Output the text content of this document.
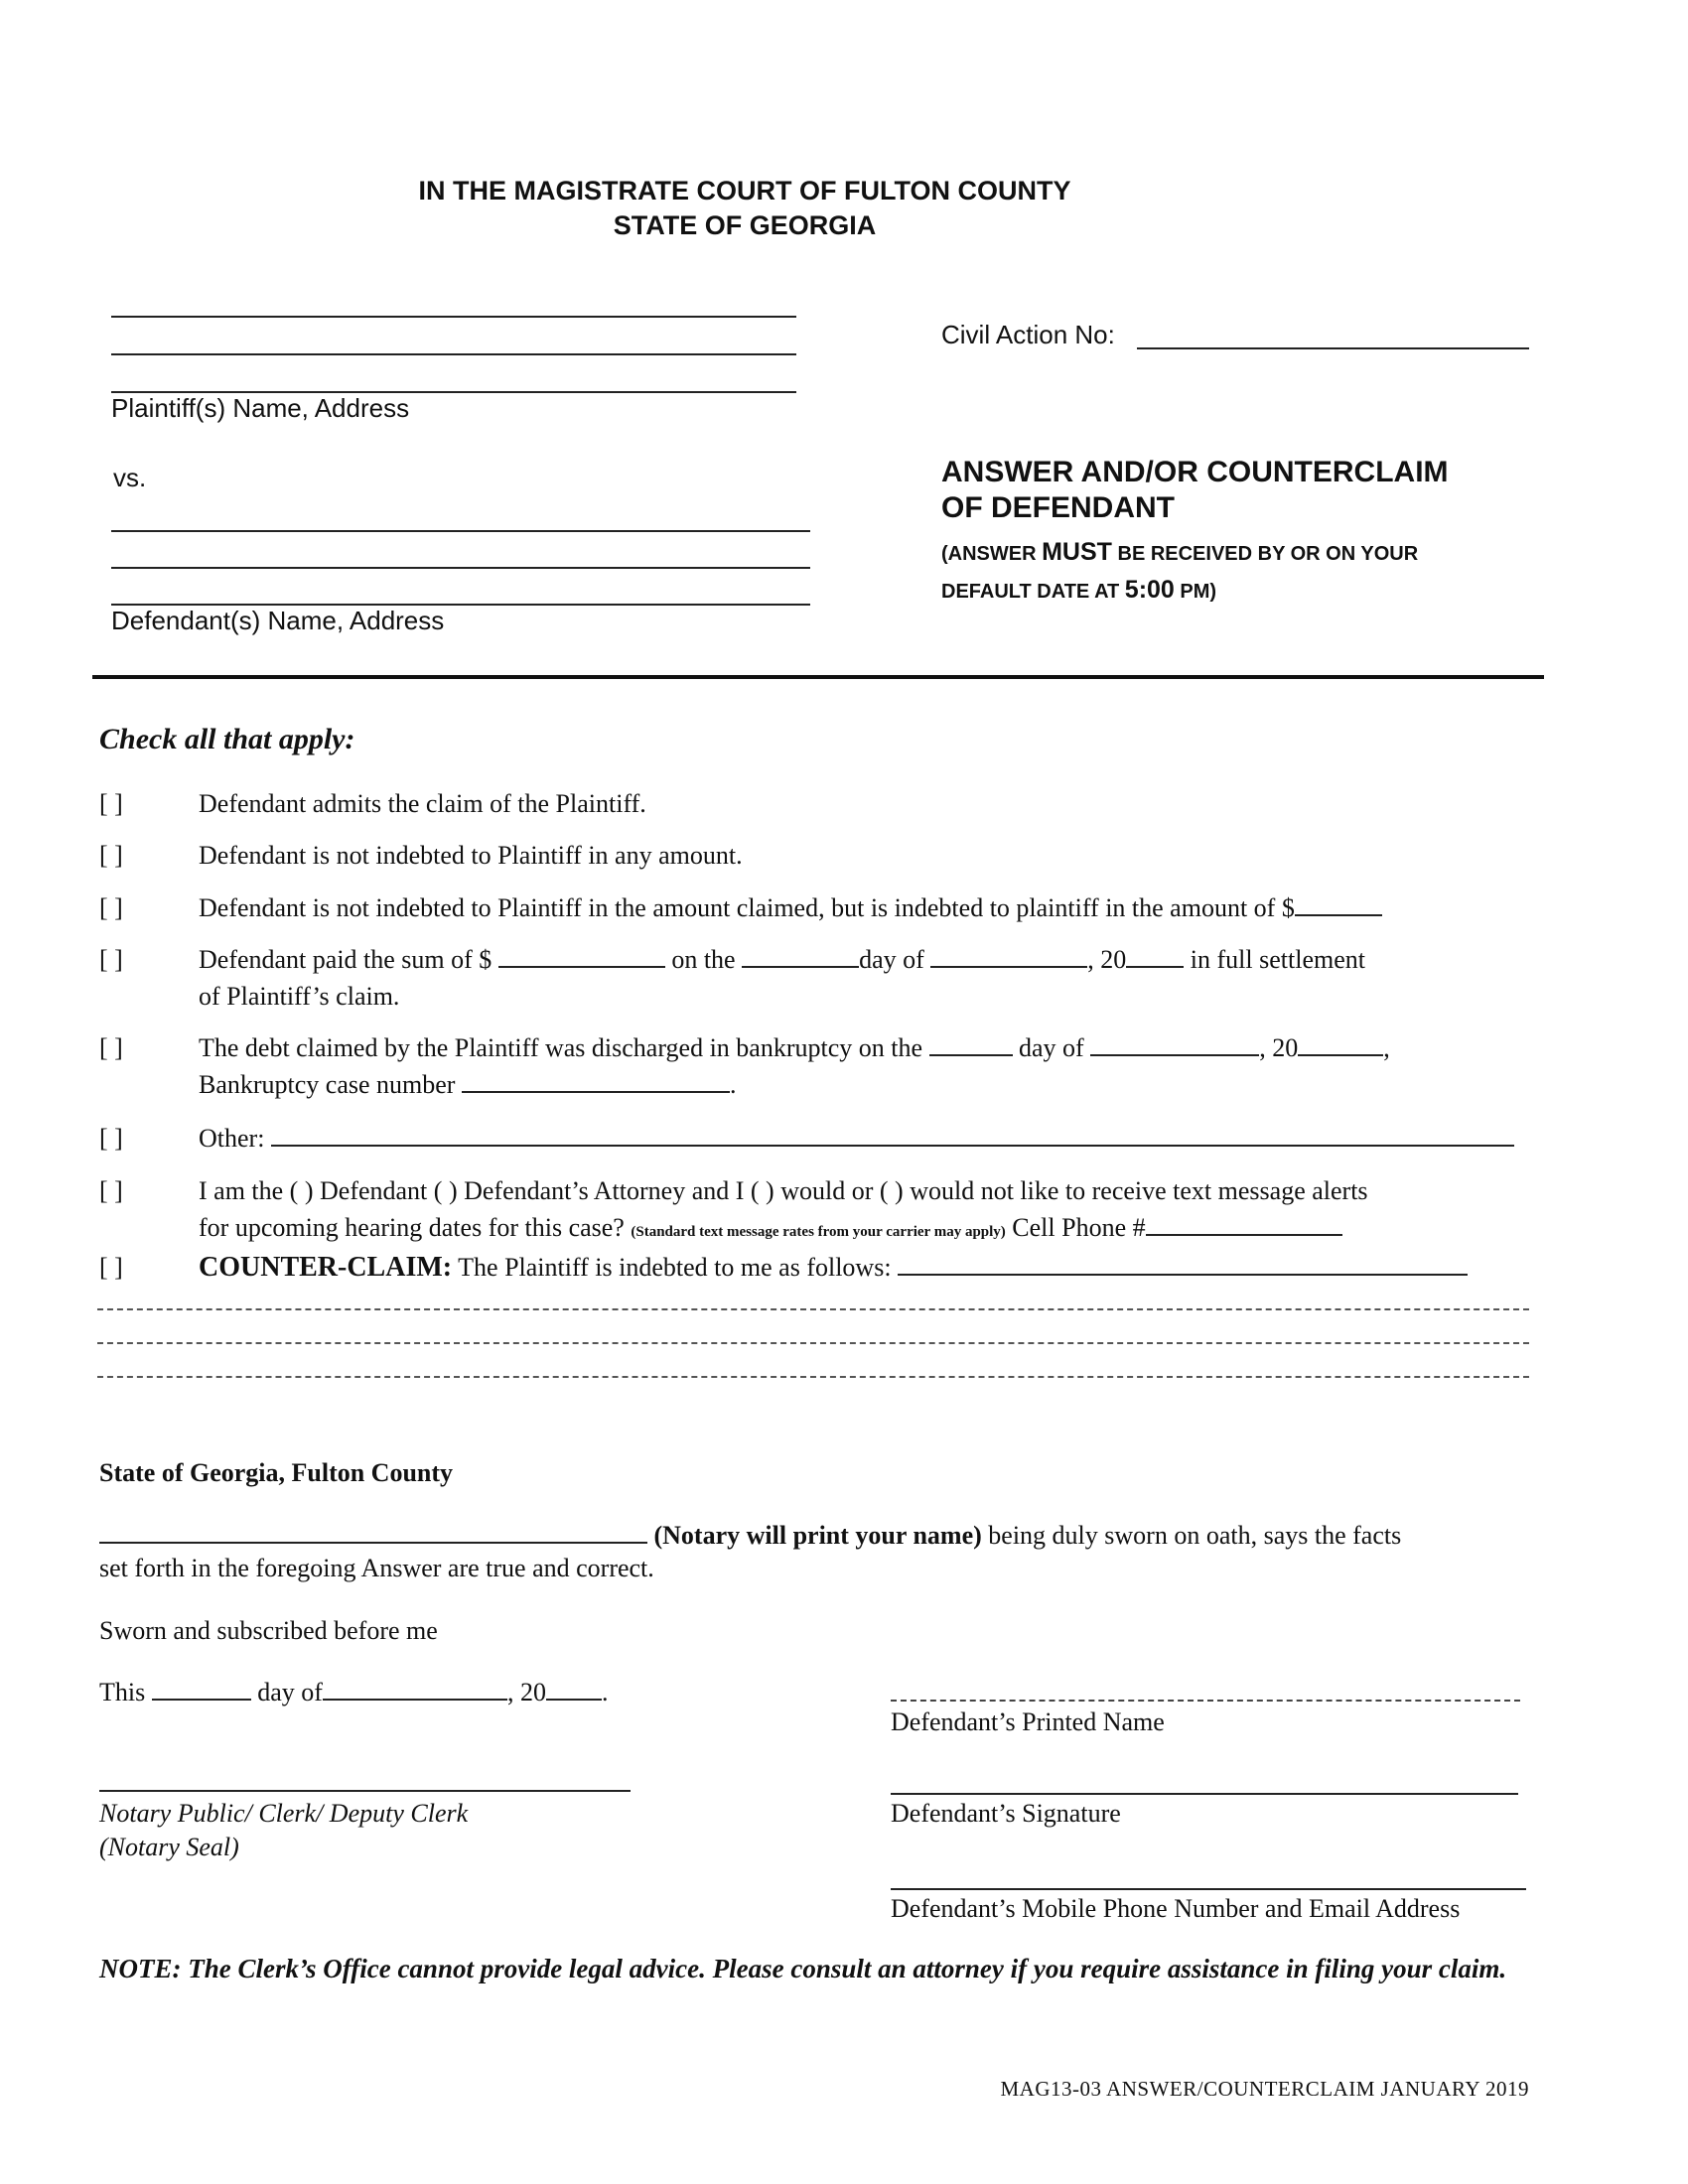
IN THE MAGISTRATE COURT OF FULTON COUNTY
STATE OF GEORGIA
Plaintiff(s) Name, Address
Civil Action No:
vs.
Defendant(s) Name, Address
ANSWER AND/OR COUNTERCLAIM
OF DEFENDANT
(ANSWER MUST BE RECEIVED BY OR ON YOUR
DEFAULT DATE AT 5:00 PM)
Check all that apply:
[ ]	Defendant admits the claim of the Plaintiff.
[ ]	Defendant is not indebted to Plaintiff in any amount.
[ ]	Defendant is not indebted to Plaintiff in the amount claimed, but is indebted to plaintiff in the amount of $
[ ]	Defendant paid the sum of $	on the	day of	, 20 in full settlement
of Plaintiff’s claim.
[ ]	The debt claimed by the Plaintiff was discharged in bankruptcy on the	day of	, 20	,
Bankruptcy case number	.
[ ]	Other:
[ ]	I am the ( ) Defendant ( ) Defendant’s Attorney and I ( ) would or ( ) would not like to receive text message alerts
for upcoming hearing dates for this case? (Standard text message rates from your carrier may apply) Cell Phone #
[ ]	COUNTER-CLAIM: The Plaintiff is indebted to me as follows:
State of Georgia, Fulton County
(Notary will print your name) being duly sworn on oath, says the facts
set forth in the foregoing Answer are true and correct.
Sworn and subscribed before me
This	day of	, 20 .
Notary Public/ Clerk/ Deputy Clerk
(Notary Seal)
Defendant’s Printed Name
Defendant’s Signature
Defendant’s Mobile Phone Number and Email Address
NOTE: The Clerk’s Office cannot provide legal advice. Please consult an attorney if you require assistance in filing your claim.
MAG13-03 ANSWER/COUNTERCLAIM JANUARY 2019
